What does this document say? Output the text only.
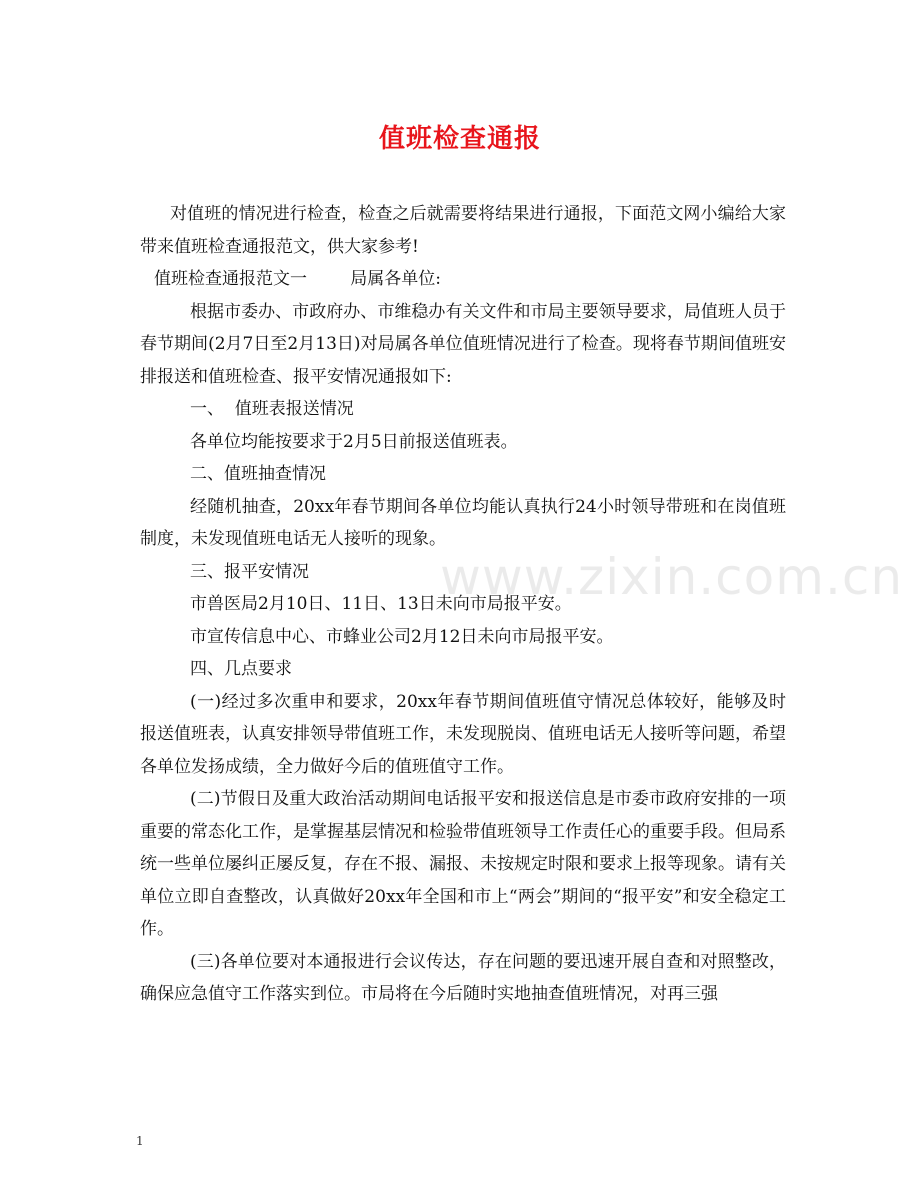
值班检查通报

对值班的情况进行检查，检查之后就需要将结果进行通报，下面范文网小编给大家带来值班检查通报范文，供大家参考!

值班检查通报范文一        局属各单位:

根据市委办、市政府办、市维稳办有关文件和市局主要领导要求，局值班人员于春节期间(2月7日至2月13日)对局属各单位值班情况进行了检查。现将春节期间值班安排报送和值班检查、报平安情况通报如下:

一、  值班表报送情况

各单位均能按要求于2月5日前报送值班表。

二、值班抽查情况

经随机抽查，20xx年春节期间各单位均能认真执行24小时领导带班和在岗值班制度，未发现值班电话无人接听的现象。

三、报平安情况

市兽医局2月10日、11日、13日未向市局报平安。

市宣传信息中心、市蜂业公司2月12日未向市局报平安。

四、几点要求

(一)经过多次重申和要求，20xx年春节期间值班值守情况总体较好，能够及时报送值班表，认真安排领导带值班工作，未发现脱岗、值班电话无人接听等问题，希望各单位发扬成绩，全力做好今后的值班值守工作。

(二)节假日及重大政治活动期间电话报平安和报送信息是市委市政府安排的一项重要的常态化工作，是掌握基层情况和检验带值班领导工作责任心的重要手段。但局系统一些单位屡纠正屡反复，存在不报、漏报、未按规定时限和要求上报等现象。请有关单位立即自查整改，认真做好20xx年全国和市上“两会”期间的“报平安”和安全稳定工作。

(三)各单位要对本通报进行会议传达，存在问题的要迅速开展自查和对照整改，确保应急值守工作落实到位。市局将在今后随时实地抽查值班情况，对再三强

www.zixin.com.cn
1
